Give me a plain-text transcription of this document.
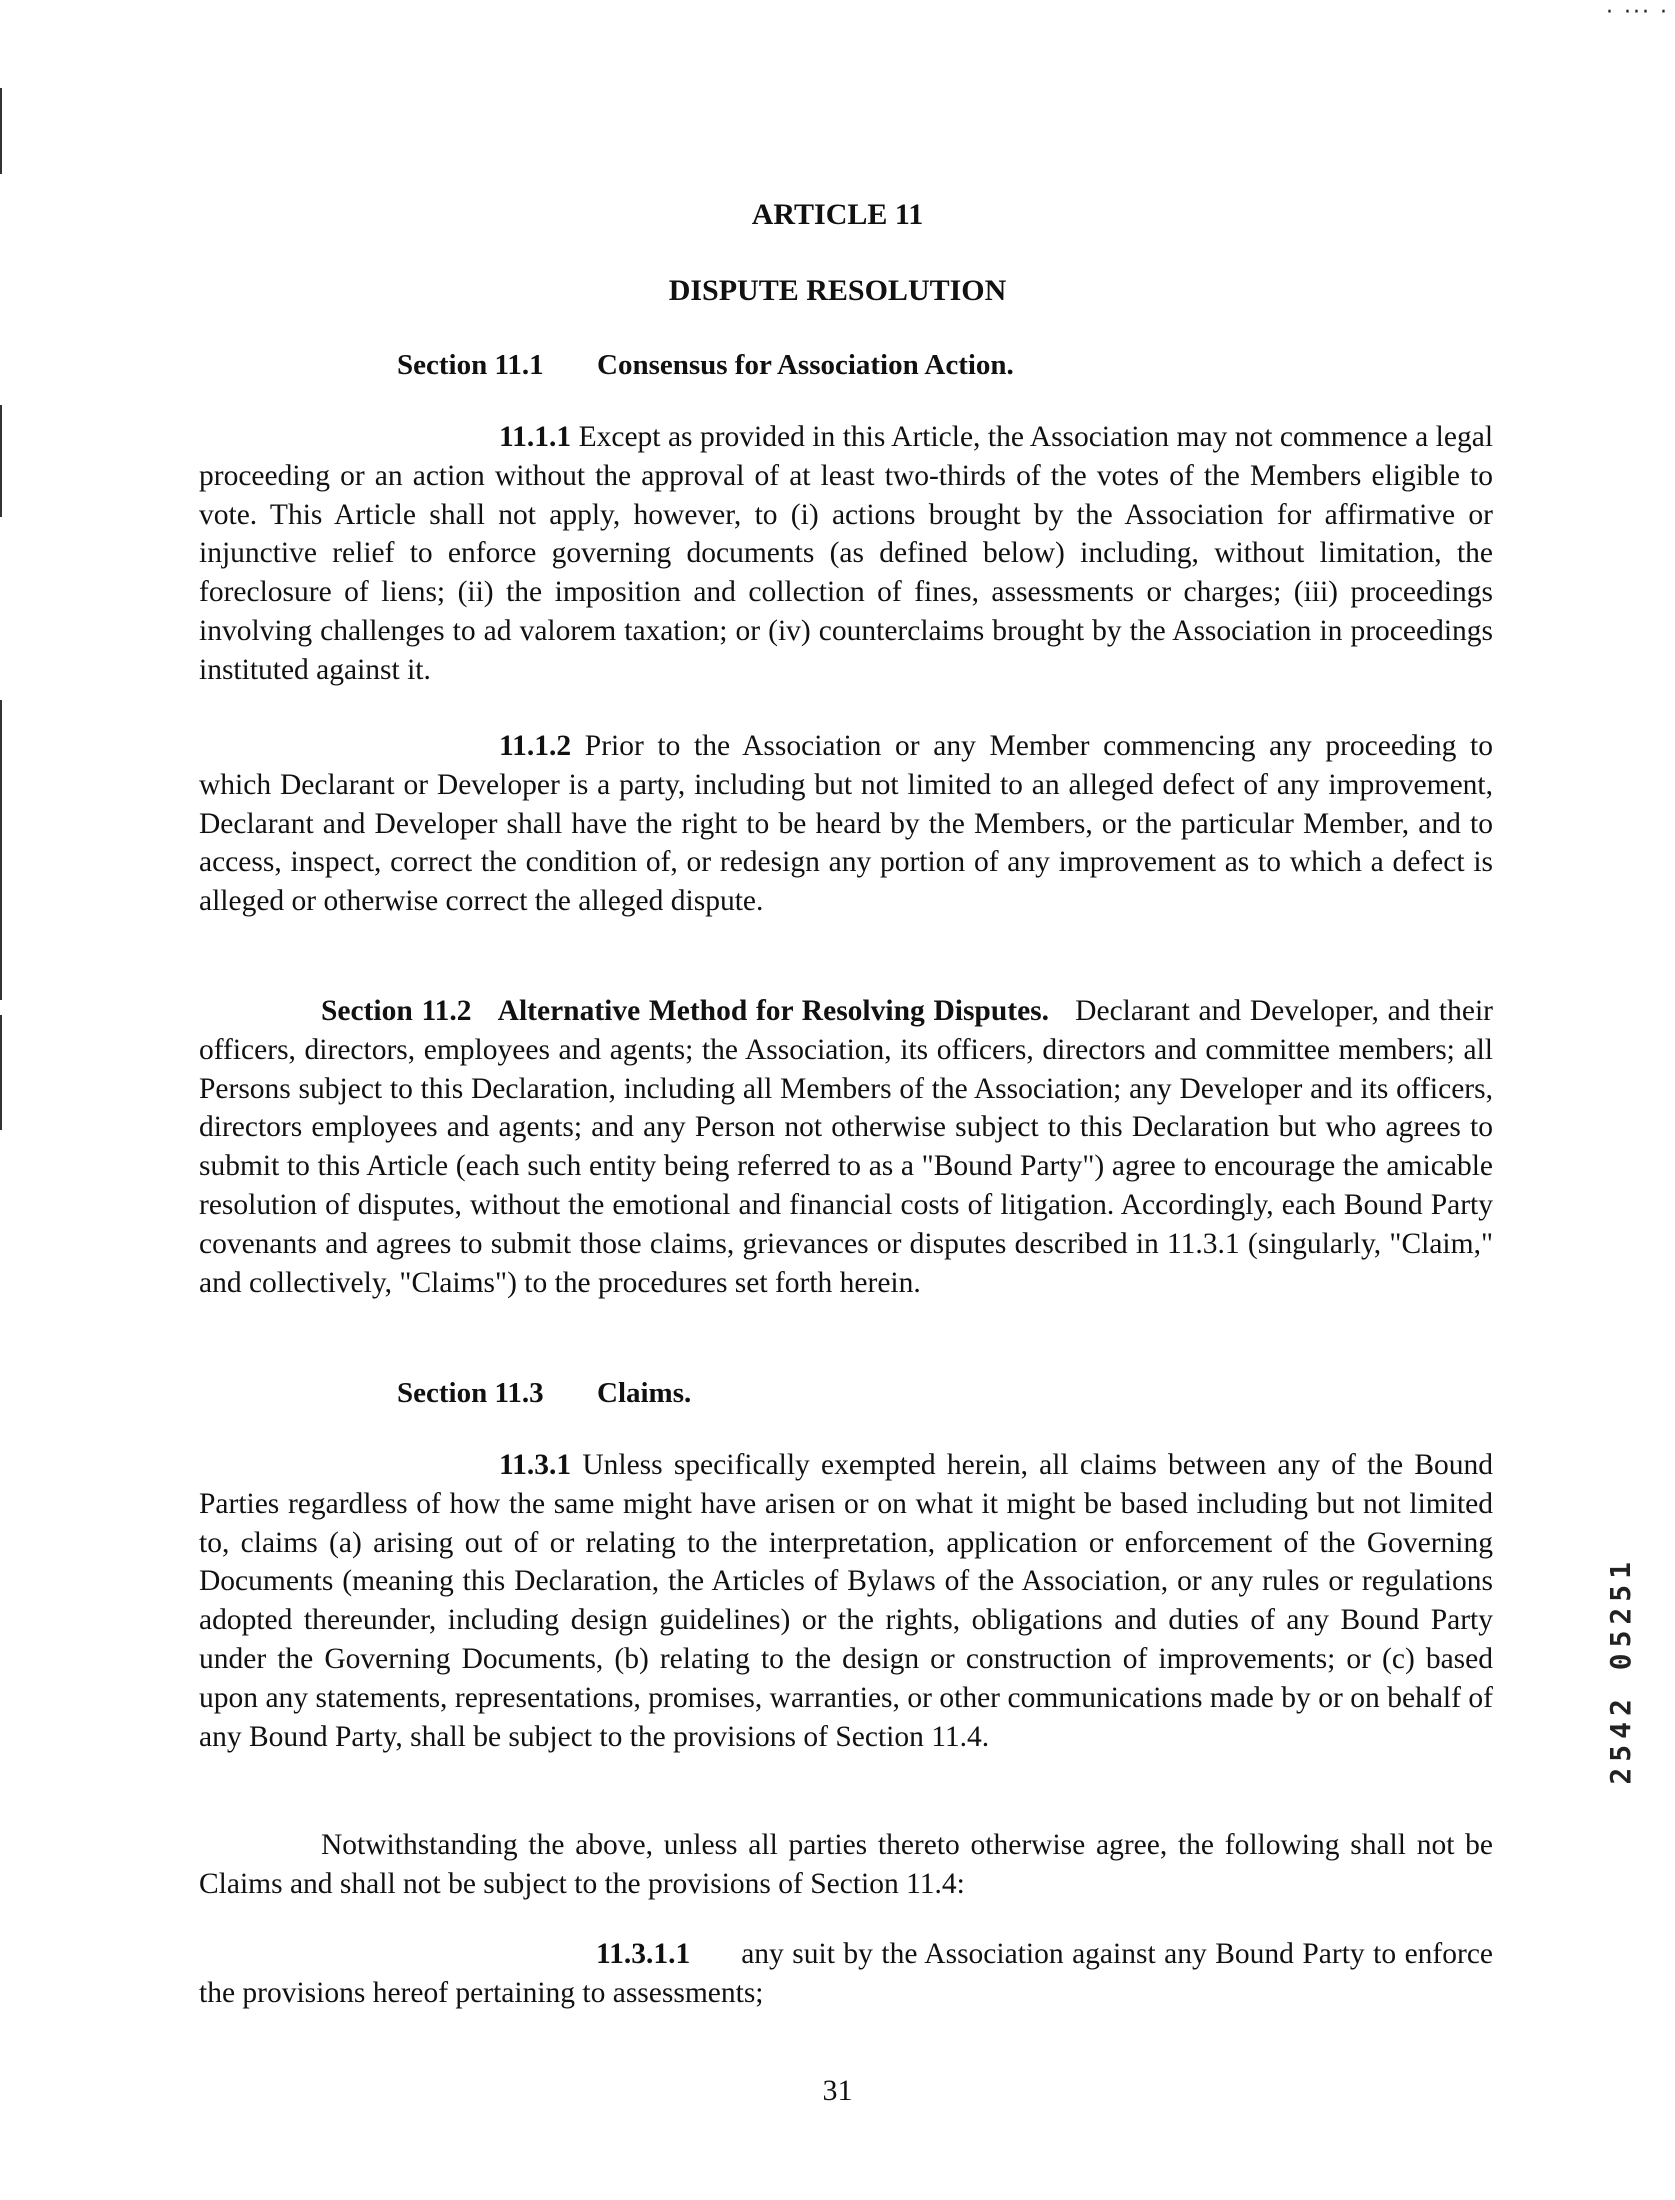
· ··· ·
ARTICLE 11
DISPUTE RESOLUTION
Section 11.1 Consensus for Association Action.
11.1.1 Except as provided in this Article, the Association may not commence a legal proceeding or an action without the approval of at least two-thirds of the votes of the Members eligible to vote. This Article shall not apply, however, to (i) actions brought by the Association for affirmative or injunctive relief to enforce governing documents (as defined below) including, without limitation, the foreclosure of liens; (ii) the imposition and collection of fines, assessments or charges; (iii) proceedings involving challenges to ad valorem taxation; or (iv) counterclaims brought by the Association in proceedings instituted against it.
11.1.2 Prior to the Association or any Member commencing any proceeding to which Declarant or Developer is a party, including but not limited to an alleged defect of any improvement, Declarant and Developer shall have the right to be heard by the Members, or the particular Member, and to access, inspect, correct the condition of, or redesign any portion of any improvement as to which a defect is alleged or otherwise correct the alleged dispute.
Section 11.2 Alternative Method for Resolving Disputes. Declarant and Developer, and their officers, directors, employees and agents; the Association, its officers, directors and committee members; all Persons subject to this Declaration, including all Members of the Association; any Developer and its officers, directors employees and agents; and any Person not otherwise subject to this Declaration but who agrees to submit to this Article (each such entity being referred to as a "Bound Party") agree to encourage the amicable resolution of disputes, without the emotional and financial costs of litigation. Accordingly, each Bound Party covenants and agrees to submit those claims, grievances or disputes described in 11.3.1 (singularly, "Claim," and collectively, "Claims") to the procedures set forth herein.
Section 11.3 Claims.
11.3.1 Unless specifically exempted herein, all claims between any of the Bound Parties regardless of how the same might have arisen or on what it might be based including but not limited to, claims (a) arising out of or relating to the interpretation, application or enforcement of the Governing Documents (meaning this Declaration, the Articles of Bylaws of the Association, or any rules or regulations adopted thereunder, including design guidelines) or the rights, obligations and duties of any Bound Party under the Governing Documents, (b) relating to the design or construction of improvements; or (c) based upon any statements, representations, promises, warranties, or other communications made by or on behalf of any Bound Party, shall be subject to the provisions of Section 11.4.
Notwithstanding the above, unless all parties thereto otherwise agree, the following shall not be Claims and shall not be subject to the provisions of Section 11.4:
11.3.1.1 any suit by the Association against any Bound Party to enforce the provisions hereof pertaining to assessments;
31
2542 05251
